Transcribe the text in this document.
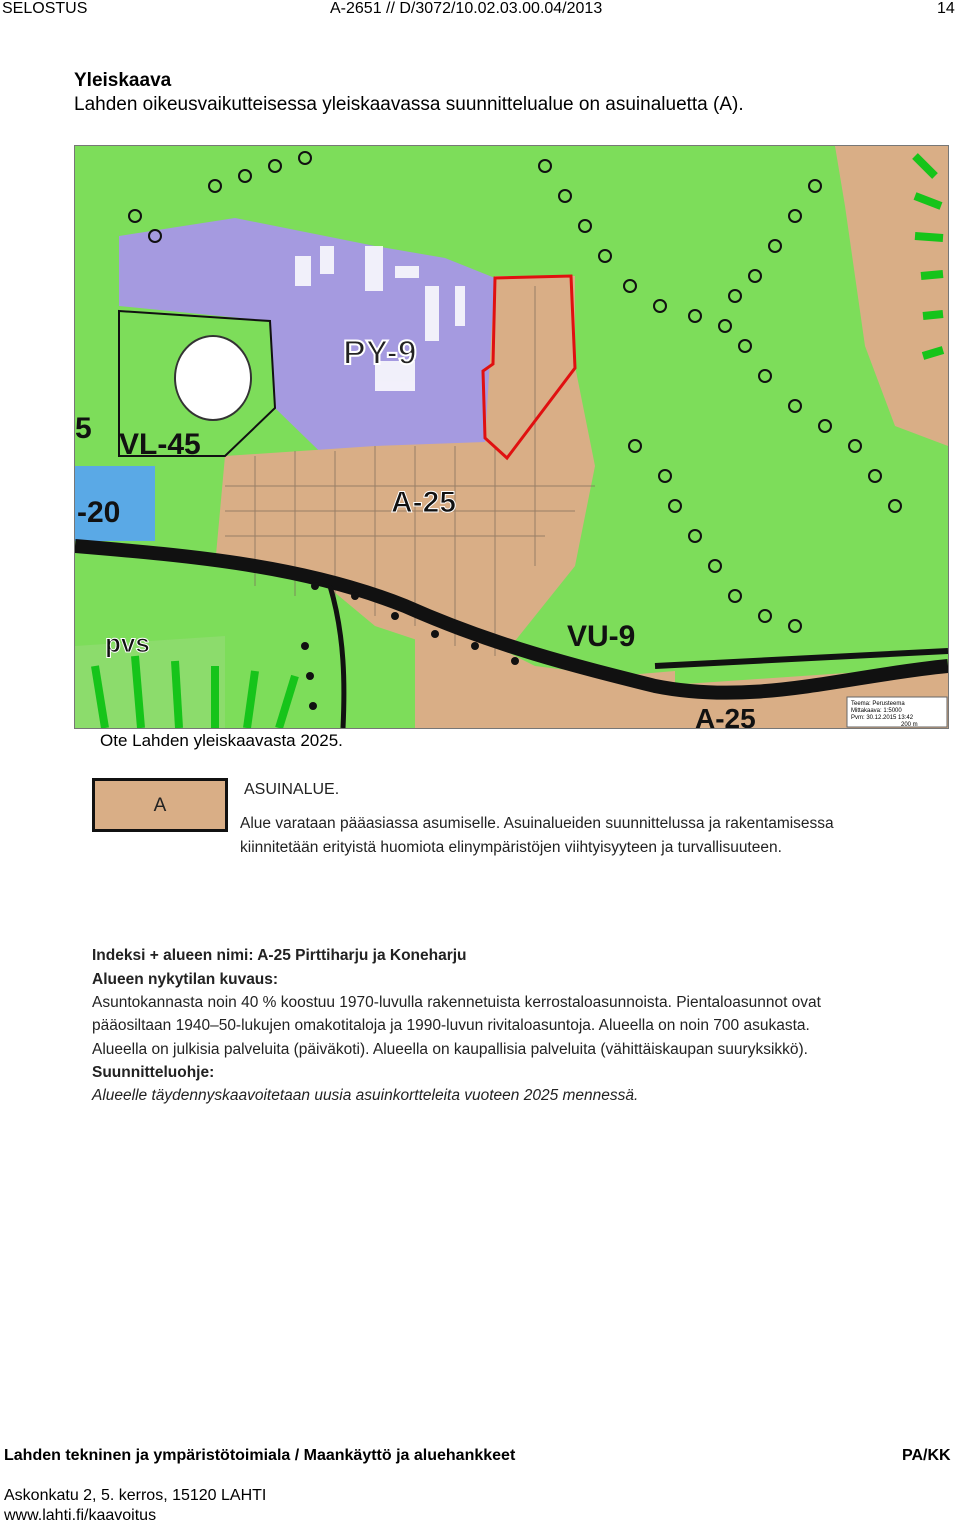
SELOSTUS	A-2651 // D/3072/10.02.03.00.04/2013	14
Yleiskaava
Lahden oikeusvaikutteisessa yleiskaavassa suunnittelualue on asuinaluetta (A).
PY-9
VL-45
A-25
VU-9
pvs
-20
5
A-25	Teema: Perusteema
Mittakaava: 1:5000
Pvm: 30.12.2015 13:42
200 m
Ote Lahden yleiskaavasta 2025.
A
ASUINALUE.
Alue varataan pääasiassa asumiselle. Asuinalueiden suunnittelussa ja rakentamisessa
kiinnitetään erityistä huomiota elinympäristöjen viihtyisyyteen ja turvallisuuteen.
Indeksi + alueen nimi: A-25 Pirttiharju ja Koneharju
Alueen nykytilan kuvaus:
Asuntokannasta noin 40 % koostuu 1970-luvulla rakennetuista kerrostaloasunnoista. Pientaloasunnot ovat
pääosiltaan 1940–50-lukujen omakotitaloja ja 1990-luvun rivitaloasuntoja. Alueella on noin 700 asukasta.
Alueella on julkisia palveluita (päiväkoti). Alueella on kaupallisia palveluita (vähittäiskaupan suuryksikkö).
Suunnitteluohje:
Alueelle täydennyskaavoitetaan uusia asuinkortteleita vuoteen 2025 mennessä.
Lahden tekninen ja ympäristötoimiala / Maankäyttö ja aluehankkeet	PA/KK
Askonkatu 2, 5. kerros, 15120 LAHTI
www.lahti.fi/kaavoitus
